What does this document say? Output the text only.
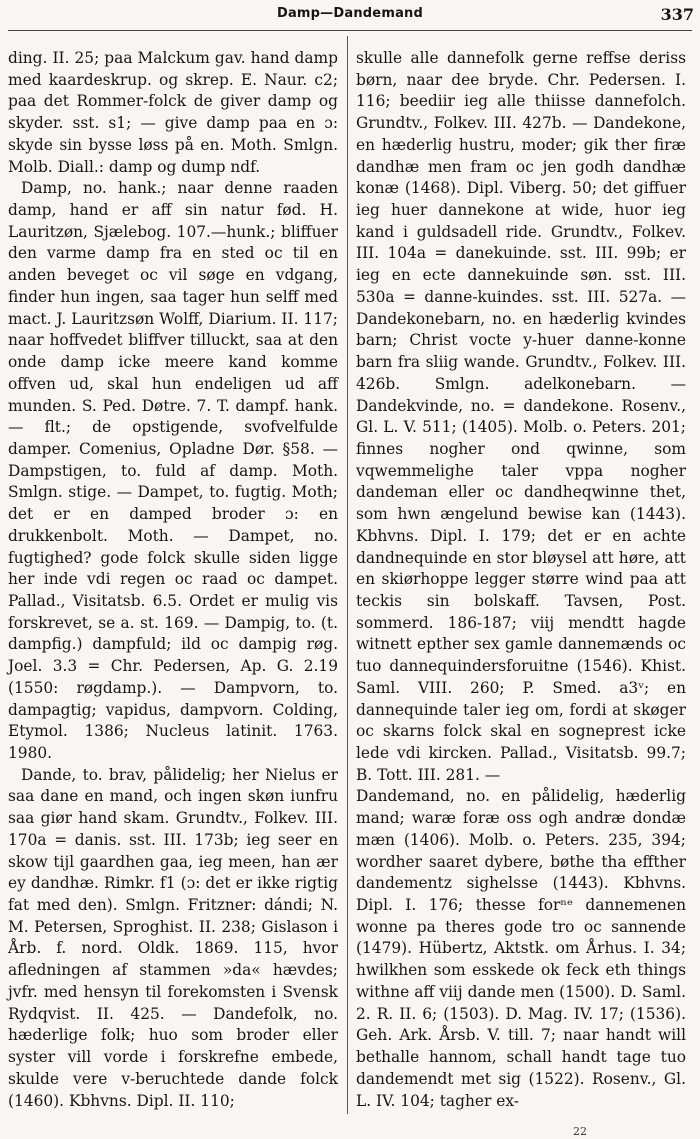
Damp—Dandemand	337

ding. II. 25; paa Malckum gav. hand damp med kaardeskrup. og skrep. E. Naur. c2; paa det Rommer-folck de giver damp og skyder. sst. s1; — give damp paa en ɔ: skyde sin bysse løss på en. Moth. Smlgn. Molb. Diall.: damp og dump ndf.

Damp, no. hank.; naar denne raaden damp, hand er aff sin natur fød. H. Lauritzøn, Sjælebog. 107.—hunk.; bliffuer den varme damp fra en sted oc til en anden beveget oc vil søge en vdgang, finder hun ingen, saa tager hun selff med mact. J. Lauritzsøn Wolff, Diarium. II. 117; naar hoffvedet bliffver tilluckt, saa at den onde damp icke meere kand komme offven ud, skal hun endeligen ud aff munden. S. Ped. Døtre. 7. T. dampf. hank. — flt.; de opstigende, svofvelfulde damper. Comenius, Opladne Dør. §58. — Dampstigen, to. fuld af damp. Moth. Smlgn. stige. — Dampet, to. fugtig. Moth; det er en damped broder ɔ: en drukkenbolt. Moth. — Dampet, no. fugtighed? gode folck skulle siden ligge her inde vdi regen oc raad oc dampet. Pallad., Visitatsb. 6.5. Ordet er mulig vis forskrevet, se a. st. 169. — Dampig, to. (t. dampfig.) dampfuld; ild oc dampig røg. Joel. 3.3 = Chr. Pedersen, Ap. G. 2.19 (1550: røgdamp.). — Dampvorn, to. dampagtig; vapidus, dampvorn. Colding, Etymol. 1386; Nucleus latinit. 1763. 1980.

Dande, to. brav, pålidelig; her Nielus er saa dane en mand, och ingen skøn iunfru saa giør hand skam. Grundtv., Folkev. III. 170a = danis. sst. III. 173b; ieg seer en skow tijl gaardhen gaa, ieg meen, han ær ey dandhæ. Rimkr. f1 (ɔ: det er ikke rigtig fat med den). Smlgn. Fritzner: dándi; N. M. Petersen, Sproghist. II. 238; Gislason i Årb. f. nord. Oldk. 1869. 115, hvor afledningen af stammen »da« hævdes; jvfr. med hensyn til forekomsten i Svensk Rydqvist. II. 425. — Dandefolk, no. hæderlige folk; huo som broder eller syster vill vorde i forskrefne embede, skulde vere v-beruchtede dande folck (1460). Kbhvns. Dipl. II. 110;

skulle alle dannefolk gerne reffse deriss børn, naar dee bryde. Chr. Pedersen. I. 116; beediir ieg alle thiisse dannefolch. Grundtv., Folkev. III. 427b. — Dandekone, en hæderlig hustru, moder; gik ther firæ dandhæ men fram oc jen godh dandhæ konæ (1468). Dipl. Viberg. 50; det giffuer ieg huer dannekone at wide, huor ieg kand i guldsadell ride. Grundtv., Folkev. III. 104a = danekuinde. sst. III. 99b; er ieg en ecte dannekuinde søn. sst. III. 530a = danne-kuindes. sst. III. 527a. — Dandekonebarn, no. en hæderlig kvindes barn; Christ vocte y-huer danne-konne barn fra sliig wande. Grundtv., Folkev. III. 426b. Smlgn. adelkonebarn. — Dandekvinde, no. = dandekone. Rosenv., Gl. L. V. 511; (1405). Molb. o. Peters. 201; finnes nogher ond qwinne, som vqwemmelighe taler vppa nogher dandeman eller oc dandheqwinne thet, som hwn ængelund bewise kan (1443). Kbhvns. Dipl. I. 179; det er en achte dandnequinde en stor bløysel att høre, att en skiørhoppe legger større wind paa att teckis sin bolskaff. Tavsen, Post. sommerd. 186-187; viij mendtt hagde witnett epther sex gamle dannemænds oc tuo dannequindersforuitne (1546). Khist. Saml. VIII. 260; P. Smed. a3ᵛ; en dannequinde taler ieg om, fordi at skøger oc skarns folck skal en sogneprest icke lede vdi kircken. Pallad., Visitatsb. 99.7; B. Tott. III. 281. —

Dandemand, no. en pålidelig, hæderlig mand; waræ foræ oss ogh andræ dondæ mæn (1406). Molb. o. Peters. 235, 394; wordher saaret dybere, bøthe tha effther dandementz sighelsse (1443). Kbhvns. Dipl. I. 176; thesse forⁿᵉ dannemenen wonne pa theres gode tro oc sannende (1479). Hübertz, Aktstk. om Århus. I. 34; hwilkhen som esskede ok feck eth things withne aff viij dande men (1500). D. Saml. 2. R. II. 6; (1503). D. Mag. IV. 17; (1536). Geh. Ark. Årsb. V. till. 7; naar handt will bethalle hannom, schall handt tage tuo dandemendt met sig (1522). Rosenv., Gl. L. IV. 104; tagher ex-

22
